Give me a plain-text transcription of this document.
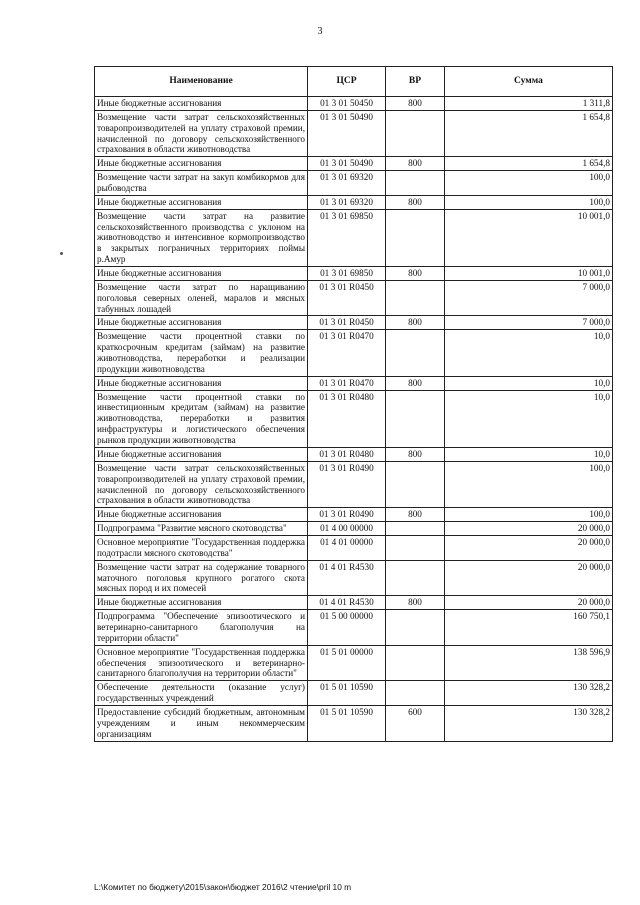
3
Наименование	ЦСР	ВР	Сумма
Иные бюджетные ассигнования	01 3 01 50450	800	1 311,8
Возмещение части затрат сельскохозяйственных товаропроизводителей на уплату страховой премии, начисленной по договору сельскохозяйственного страхования в области животноводства	01 3 01 50490		1 654,8
Иные бюджетные ассигнования	01 3 01 50490	800	1 654,8
Возмещение части затрат на закуп комбикормов для рыбоводства	01 3 01 69320		100,0
Иные бюджетные ассигнования	01 3 01 69320	800	100,0
Возмещение части затрат на развитие сельскохозяйственного производства с уклоном на животноводство и интенсивное кормопроизводство в закрытых пограничных территориях поймы р.Амур	01 3 01 69850		10 001,0
Иные бюджетные ассигнования	01 3 01 69850	800	10 001,0
Возмещение части затрат по наращиванию поголовья северных оленей, маралов и мясных табунных лошадей	01 3 01 R0450		7 000,0
Иные бюджетные ассигнования	01 3 01 R0450	800	7 000,0
Возмещение части процентной ставки по краткосрочным кредитам (займам) на развитие животноводства, переработки и реализации продукции животноводства	01 3 01 R0470		10,0
Иные бюджетные ассигнования	01 3 01 R0470	800	10,0
Возмещение части процентной ставки по инвестиционным кредитам (займам) на развитие животноводства, переработки и развития инфраструктуры и логистического обеспечения рынков продукции животноводства	01 3 01 R0480		10,0
Иные бюджетные ассигнования	01 3 01 R0480	800	10,0
Возмещение части затрат сельскохозяйственных товаропроизводителей на уплату страховой премии, начисленной по договору сельскохозяйственного страхования в области животноводства	01 3 01 R0490		100,0
Иные бюджетные ассигнования	01 3 01 R0490	800	100,0
Подпрограмма "Развитие мясного скотоводства"	01 4 00 00000		20 000,0
Основное мероприятие "Государственная поддержка подотрасли мясного скотоводства"	01 4 01 00000		20 000,0
Возмещение части затрат на содержание товарного маточного поголовья крупного рогатого скота мясных пород и их помесей	01 4 01 R4530		20 000,0
Иные бюджетные ассигнования	01 4 01 R4530	800	20 000,0
Подпрограмма "Обеспечение эпизоотического и ветеринарно-санитарного благополучия на территории области"	01 5 00 00000		160 750,1
Основное мероприятие "Государственная поддержка обеспечения эпизоотического и ветеринарно-санитарного благополучия на территории области"	01 5 01 00000		138 596,9
Обеспечение деятельности (оказание услуг) государственных учреждений	01 5 01 10590		130 328,2
Предоставление субсидий бюджетным, автономным учреждениям и иным некоммерческим организациям	01 5 01 10590	600	130 328,2
L:\Комитет по бюджету\2015\закон\бюджет 2016\2 чтение\pril 10 m
